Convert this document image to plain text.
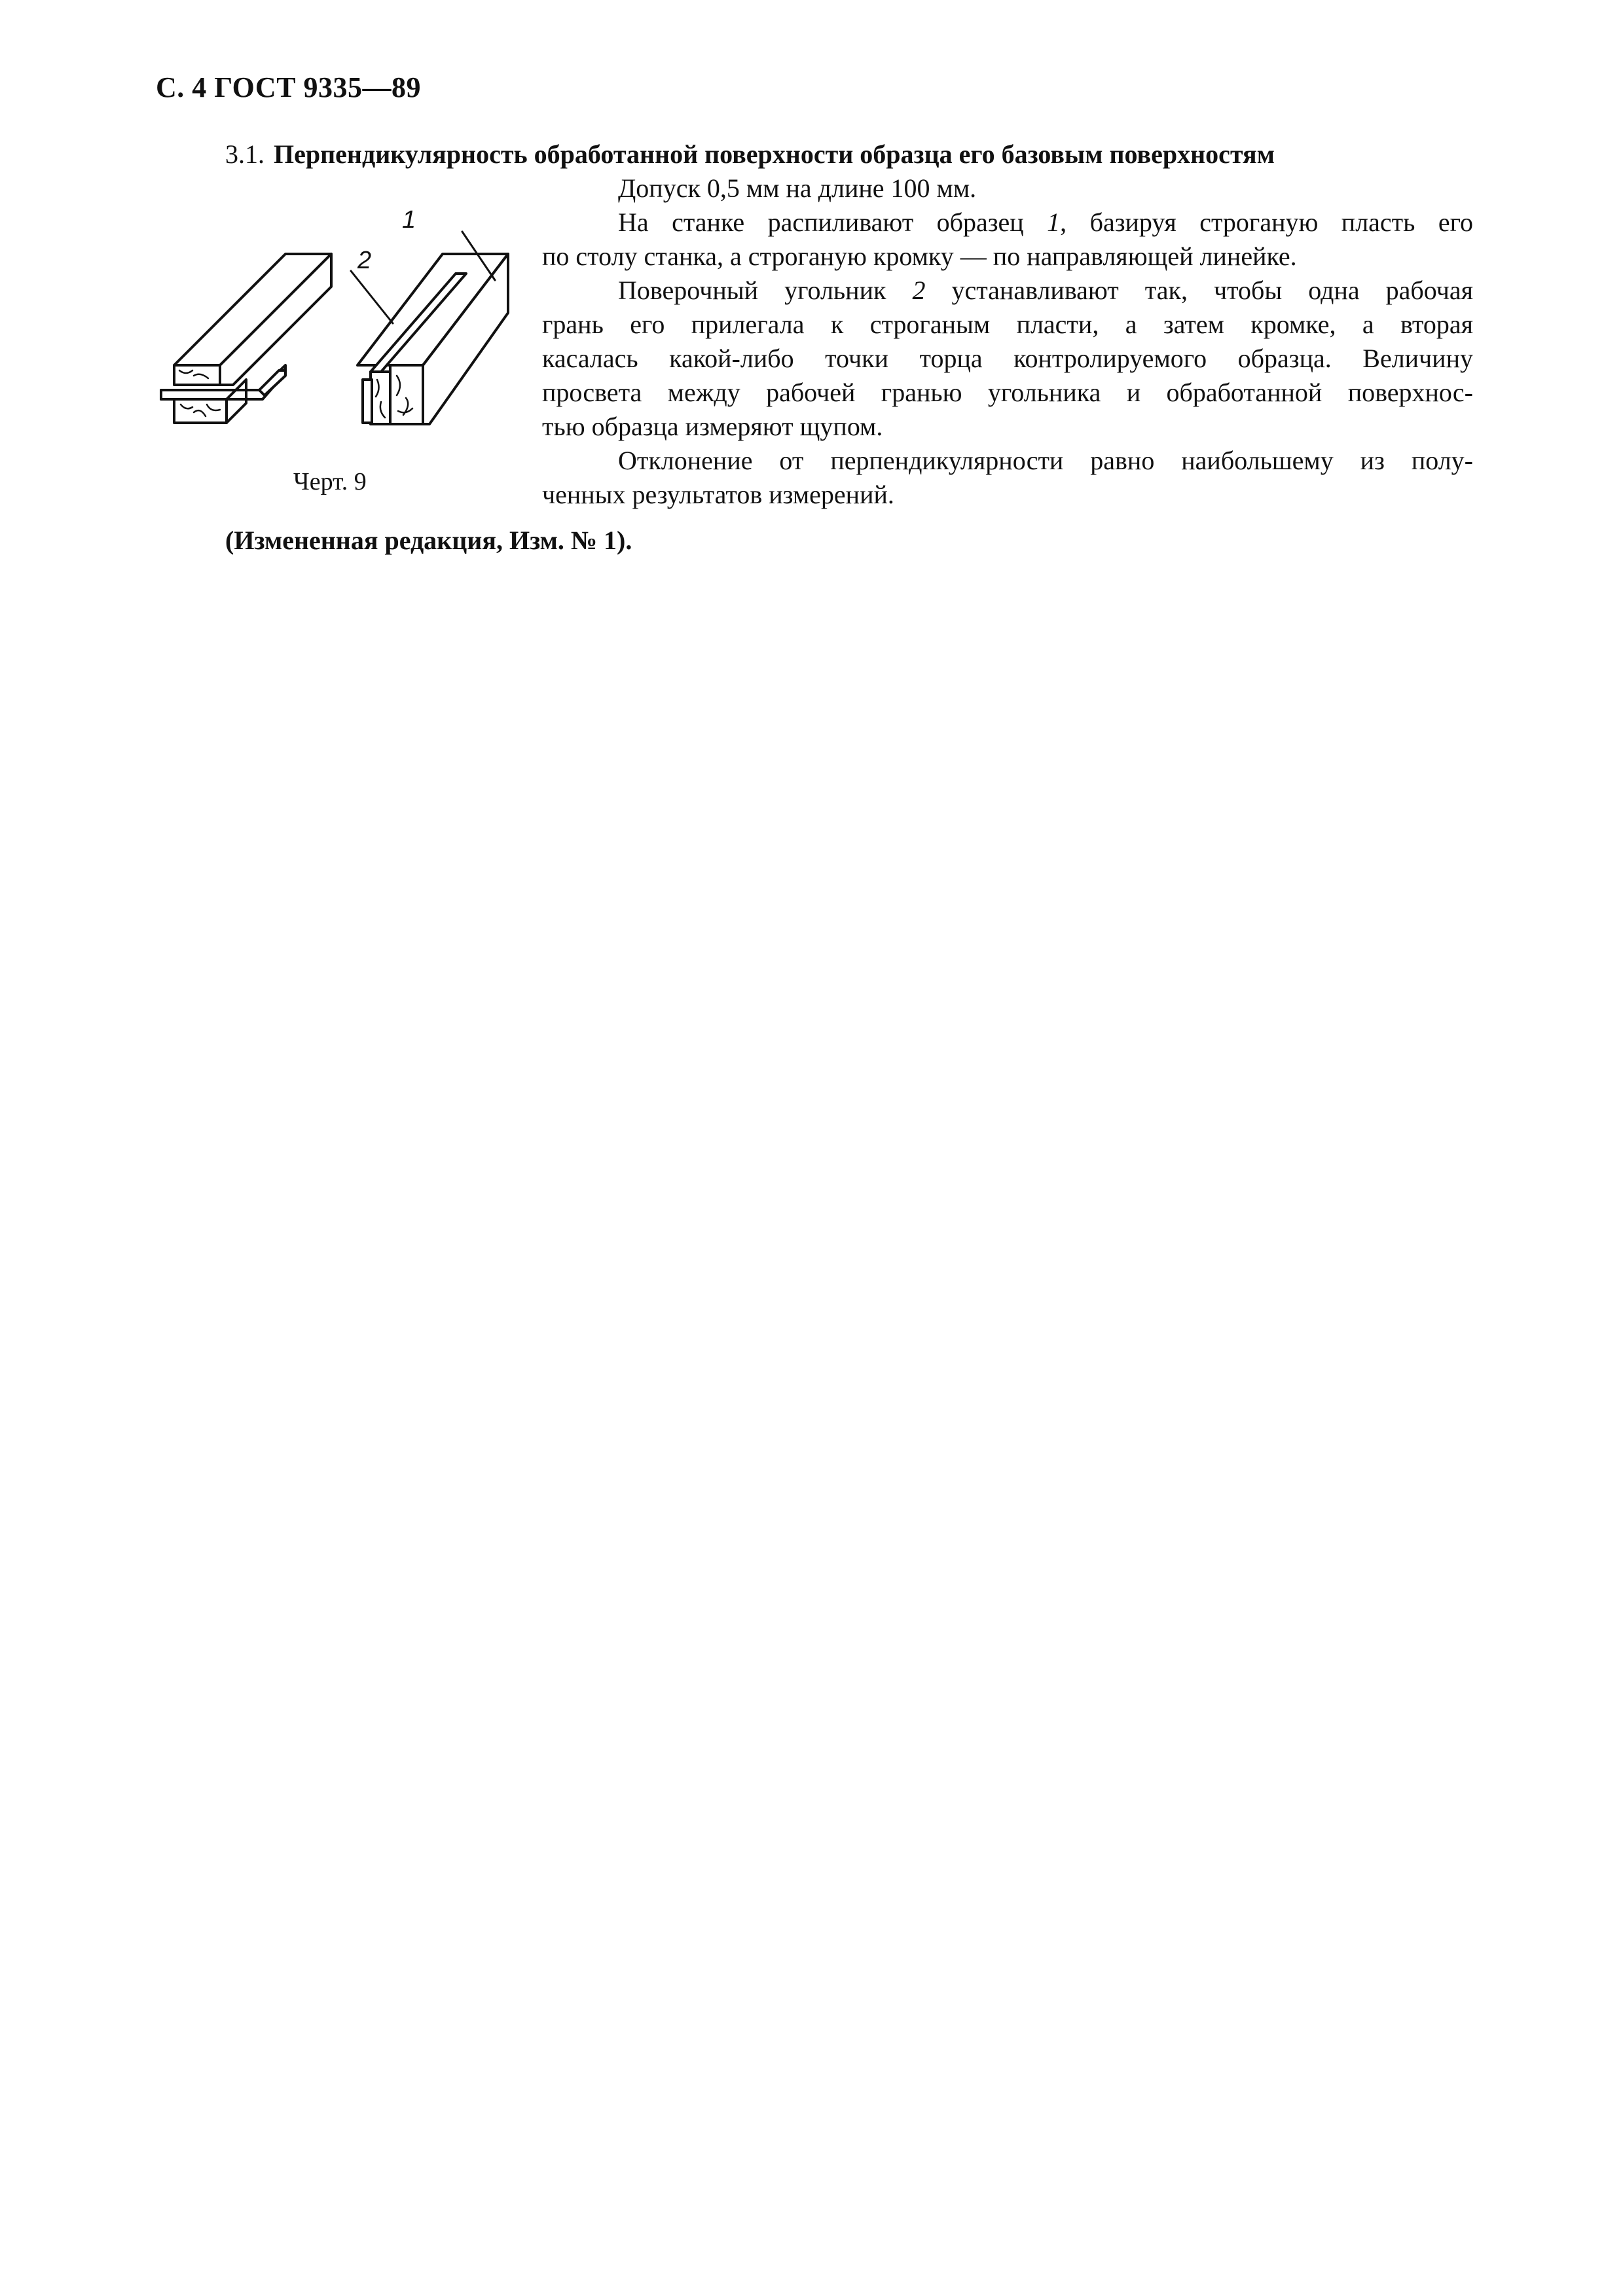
С. 4 ГОСТ 9335—89
3.1. Перпендикулярность обработанной поверхности образца его базовым поверхностям
1
2
Черт. 9
Допуск 0,5 мм на длине 100 мм.
На станке распиливают образец 1, базируя строганую пласть его
по столу станка, а строганую кромку — по направляющей линейке.
Поверочный угольник 2 устанавливают так, чтобы одна рабочая
грань его прилегала к строганым пласти, а затем кромке, а вторая
касалась какой-либо точки торца контролируемого образца. Величину
просвета между рабочей гранью угольника и обработанной поверхнос-
тью образца измеряют щупом.
Отклонение от перпендикулярности равно наибольшему из полу-
ченных результатов измерений.
(Измененная редакция, Изм. № 1).
